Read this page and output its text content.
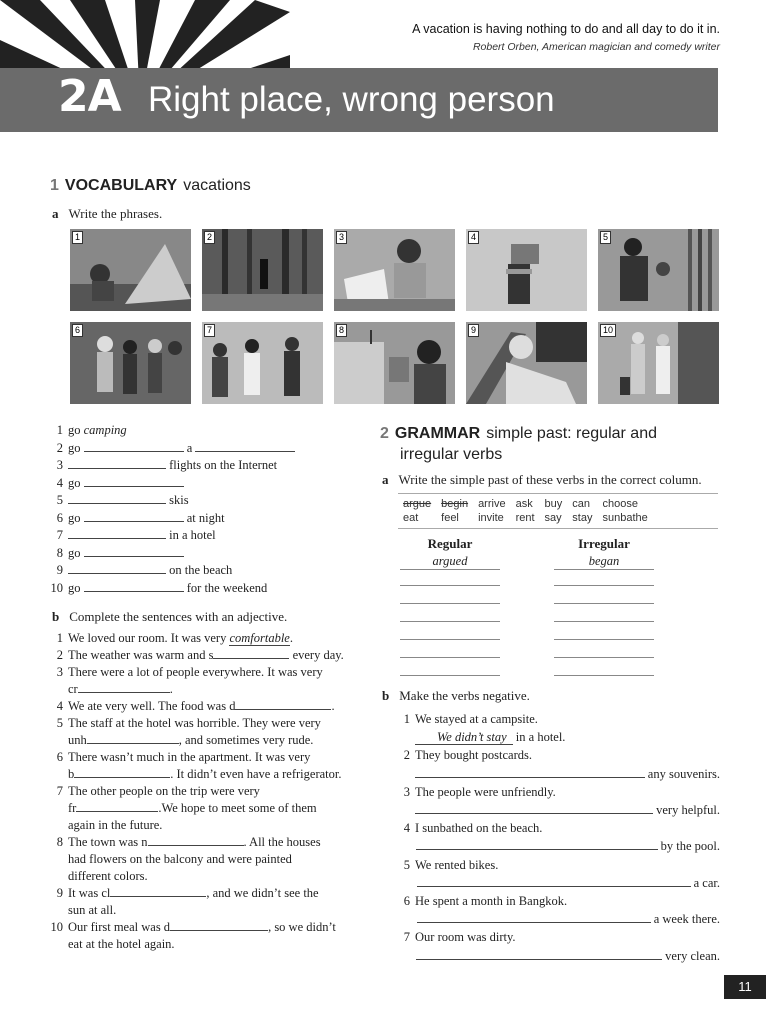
A vacation is having nothing to do and all day to do it in.
Robert Orben, American magician and comedy writer
2A Right place, wrong person
1 VOCABULARY vacations
a Write the phrases.
1	2	3	4	5
6	7	8	9	10
1 go camping
2 go	a
3	flights on the Internet
4 go
5	skis
6 go	at night
7	in a hotel
8 go
9	on the beach
10 go	for the weekend
b Complete the sentences with an adjective.
1 We loved our room. It was very comfortable.
2 The weather was warm and s	every day.
3 There were a lot of people everywhere. It was very
cr	.
4 We ate very well. The food was d	.
5 The staff at the hotel was horrible. They were very
unh	, and sometimes very rude.
6 There wasn’t much in the apartment. It was very
b	. It didn’t even have a refrigerator.
7 The other people on the trip were very
fr	.We hope to meet some of them
again in the future.
8 The town was n	. All the houses
had flowers on the balcony and were painted
different colors.
9 It was cl	, and we didn’t see the
sun at all.
10 Our first meal was d	, so we didn’t
eat at the hotel again.
2 GRAMMAR simple past: regular and
irregular verbs
a Write the simple past of these verbs in the correct column.
argue	begin	arrive	ask	buy	can	choose
eat	feel	invite	rent	say	stay	sunbathe
Regular	Irregular
argued	began
b Make the verbs negative.
1 We stayed at a campsite.
We didn’t stay in a hotel.
2 They bought postcards.
any souvenirs.
3 The people were unfriendly.
very helpful.
4 I sunbathed on the beach.
by the pool.
5 We rented bikes.
a car.
6 He spent a month in Bangkok.
a week there.
7 Our room was dirty.
very clean.
11
